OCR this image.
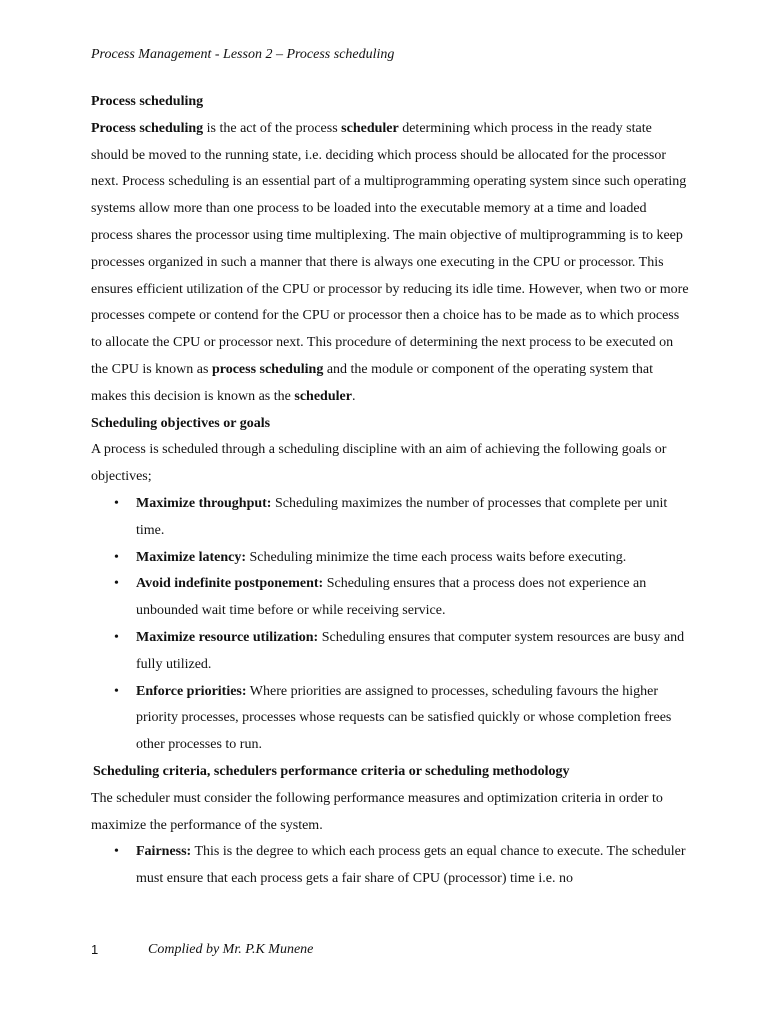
Process Management - Lesson 2 – Process scheduling

Process scheduling

Process scheduling is the act of the process scheduler determining which process in the ready state should be moved to the running state, i.e. deciding which process should be allocated for the processor next. Process scheduling is an essential part of a multiprogramming operating system since such operating systems allow more than one process to be loaded into the executable memory at a time and loaded process shares the processor using time multiplexing. The main objective of multiprogramming is to keep processes organized in such a manner that there is always one executing in the CPU or processor. This ensures efficient utilization of the CPU or processor by reducing its idle time. However, when two or more processes compete or contend for the CPU or processor then a choice has to be made as to which process to allocate the CPU or processor next. This procedure of determining the next process to be executed on the CPU is known as process scheduling and the module or component of the operating system that makes this decision is known as the scheduler.

Scheduling objectives or goals

A process is scheduled through a scheduling discipline with an aim of achieving the following goals or objectives;

• Maximize throughput: Scheduling maximizes the number of processes that complete per unit time.
• Maximize latency: Scheduling minimize the time each process waits before executing.
• Avoid indefinite postponement: Scheduling ensures that a process does not experience an unbounded wait time before or while receiving service.
• Maximize resource utilization: Scheduling ensures that computer system resources are busy and fully utilized.
• Enforce priorities: Where priorities are assigned to processes, scheduling favours the higher priority processes, processes whose requests can be satisfied quickly or whose completion frees other processes to run.

Scheduling criteria, schedulers performance criteria or scheduling methodology

The scheduler must consider the following performance measures and optimization criteria in order to maximize the performance of the system.

• Fairness: This is the degree to which each process gets an equal chance to execute. The scheduler must ensure that each process gets a fair share of CPU (processor) time i.e. no
1	Complied by Mr. P.K Munene
